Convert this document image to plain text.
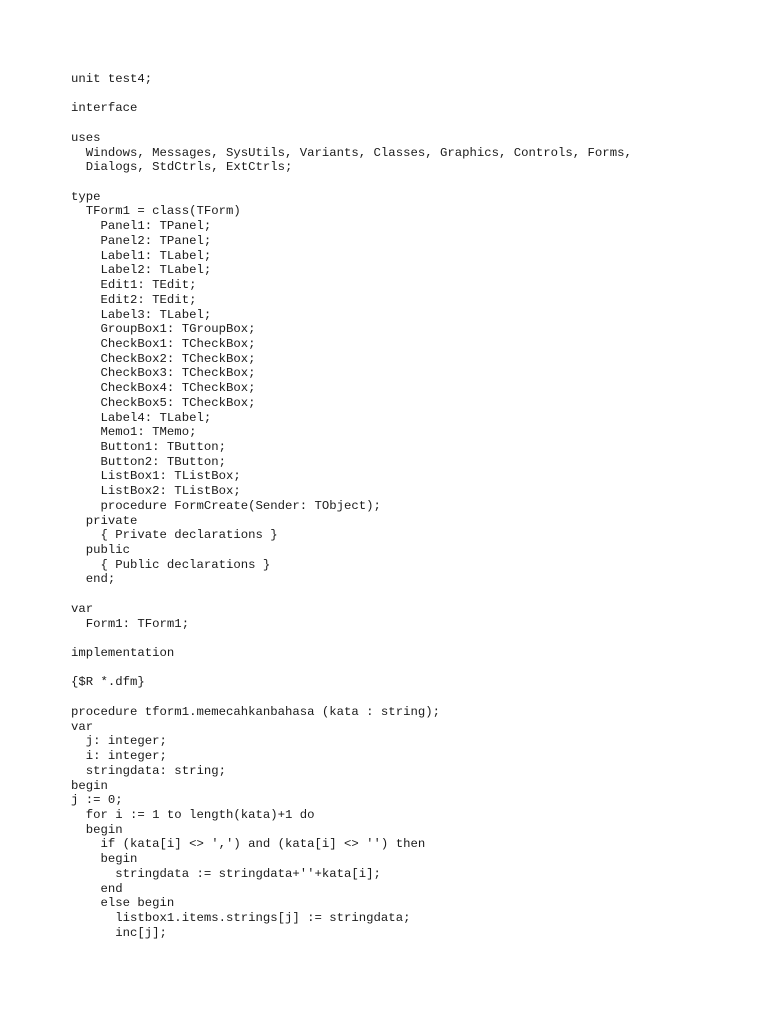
unit test4;
interface
uses
Windows, Messages, SysUtils, Variants, Classes, Graphics, Controls, Forms,
Dialogs, StdCtrls, ExtCtrls;
type
TForm1 = class(TForm)
Panel1: TPanel;
Panel2: TPanel;
Label1: TLabel;
Label2: TLabel;
Edit1: TEdit;
Edit2: TEdit;
Label3: TLabel;
GroupBox1: TGroupBox;
CheckBox1: TCheckBox;
CheckBox2: TCheckBox;
CheckBox3: TCheckBox;
CheckBox4: TCheckBox;
CheckBox5: TCheckBox;
Label4: TLabel;
Memo1: TMemo;
Button1: TButton;
Button2: TButton;
ListBox1: TListBox;
ListBox2: TListBox;
procedure FormCreate(Sender: TObject);
private
{ Private declarations }
public
{ Public declarations }
end;
var
Form1: TForm1;
implementation
{$R *.dfm}
procedure tform1.memecahkanbahasa (kata : string);
var
j: integer;
i: integer;
stringdata: string;
begin
j := 0;
for i := 1 to length(kata)+1 do
begin
if (kata[i] <> ',') and (kata[i] <> '') then
begin
stringdata := stringdata+''+kata[i];
end
else begin
listbox1.items.strings[j] := stringdata;
inc[j];
